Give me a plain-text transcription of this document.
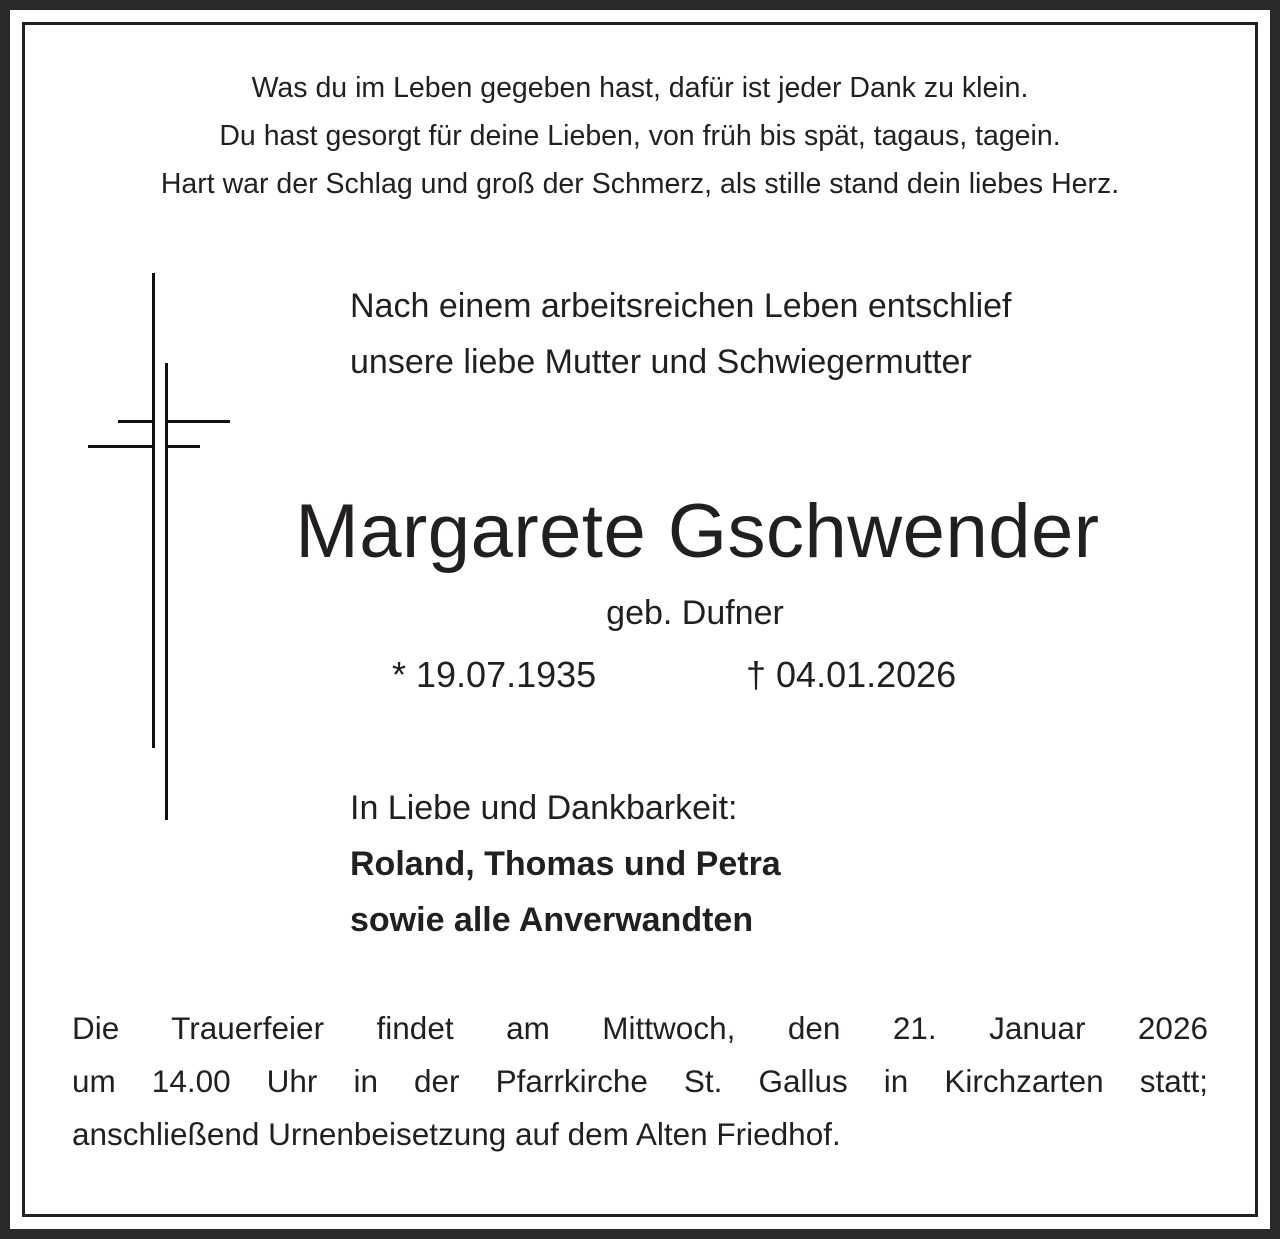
Was du im Leben gegeben hast, dafür ist jeder Dank zu klein.
Du hast gesorgt für deine Lieben, von früh bis spät, tagaus, tagein.
Hart war der Schlag und groß der Schmerz, als stille stand dein liebes Herz.
Nach einem arbeitsreichen Leben entschlief
unsere liebe Mutter und Schwiegermutter
Margarete Gschwender
geb. Dufner
* 19.07.1935	† 04.01.2026
In Liebe und Dankbarkeit:
Roland, Thomas und Petra
sowie alle Anverwandten
Die Trauerfeier findet am Mittwoch, den 21. Januar 2026
um 14.00 Uhr in der Pfarrkirche St. Gallus in Kirchzarten statt;
anschließend Urnenbeisetzung auf dem Alten Friedhof.
